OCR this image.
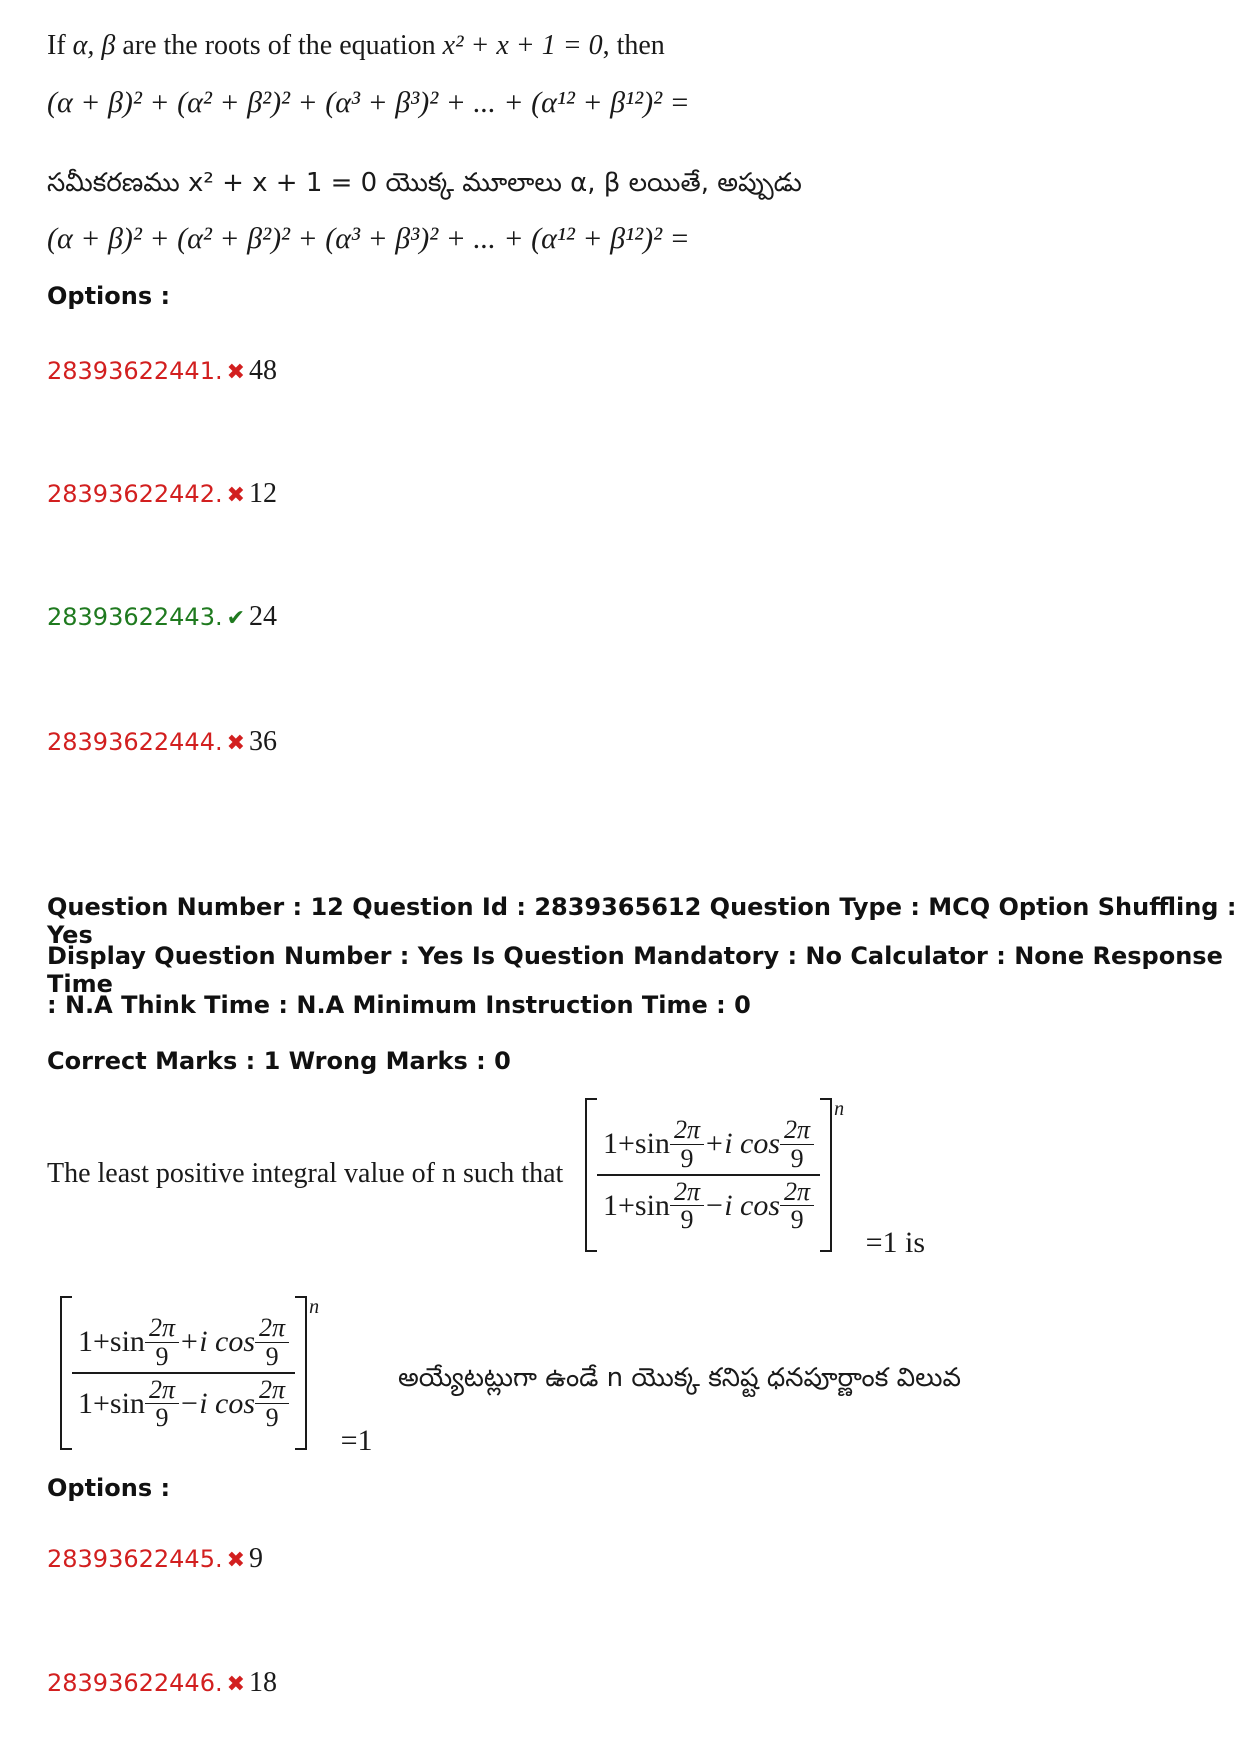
If α, β are the roots of the equation x² + x + 1 = 0, then
(α + β)² + (α² + β²)² + (α³ + β³)² + ... + (α¹² + β¹²)² =
సమీకరణము x² + x + 1 = 0 యొక్క మూలాలు α, β లయితే, అప్పుడు
(α + β)² + (α² + β²)² + (α³ + β³)² + ... + (α¹² + β¹²)² =
Options :
28393622441. ✖ 48
28393622442. ✖ 12
28393622443. ✔ 24
28393622444. ✖ 36
Question Number : 12 Question Id : 2839365612 Question Type : MCQ Option Shuffling : Yes
Display Question Number : Yes Is Question Mandatory : No Calculator : None Response Time
: N.A Think Time : N.A Minimum Instruction Time : 0
Correct Marks : 1 Wrong Marks : 0
The least positive integral value of n such that
$1+\sin \frac{2\pi}{9} +i$ $\cos \frac{2\pi}{9}$
$1+\sin \frac{2\pi}{9} -i$ $\cos \frac{2\pi}{9}$
n
=1 is
$1+\sin \frac{2\pi}{9} +i$ $\cos \frac{2\pi}{9}$
$1+\sin \frac{2\pi}{9} -i$ $\cos \frac{2\pi}{9}$
n
=1
అయ్యేటట్లుగా ఉండే n యొక్క కనిష్ట ధనపూర్ణాంక విలువ
Options :
28393622445. ✖ 9
28393622446. ✖ 18
